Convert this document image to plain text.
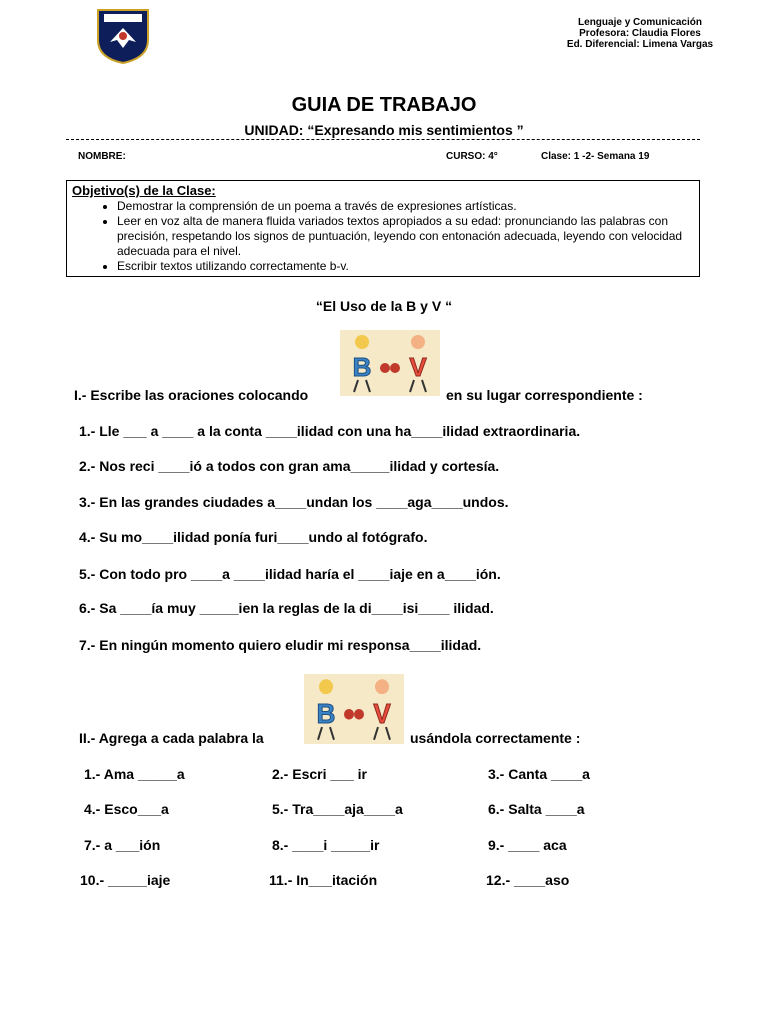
Lenguaje y Comunicación
Profesora: Claudia Flores
Ed. Diferencial: Limena Vargas
GUIA DE TRABAJO
UNIDAD: “Expresando mis sentimientos ”
NOMBRE:	CURSO: 4°	Clase: 1 -2- Semana 19
Objetivo(s) de la Clase:
• Demostrar la comprensión de un poema a través de expresiones artísticas.
• Leer en voz alta de manera fluida variados textos apropiados a su edad: pronunciando las palabras con precisión, respetando los signos de puntuación, leyendo con entonación adecuada, leyendo con velocidad adecuada para el nivel.
• Escribir textos utilizando correctamente b-v.
“El Uso de la B y V “
B V
I.- Escribe las oraciones colocando	en su lugar correspondiente :
1.- Lle ___ a ____ a la conta ____ilidad con una ha____ilidad extraordinaria.
2.- Nos reci ____ió a todos con gran ama_____ilidad y cortesía.
3.- En las grandes ciudades a____undan los ____aga____undos.
4.- Su mo____ilidad ponía furi____undo al fotógrafo.
5.- Con todo pro ____a ____ilidad haría el ____iaje en a____ión.
6.- Sa ____ía muy _____ien la reglas de la di____isi____ ilidad.
7.- En ningún momento quiero eludir mi responsa____ilidad.
B V
II.- Agrega a cada palabra la	usándola correctamente :
1.- Ama _____a	2.- Escri ___ ir	3.- Canta ____a
4.- Esco___a	5.- Tra____aja____a	6.- Salta ____a
7.- a ___ión	8.- ____i _____ir	9.- ____ aca
10.- _____iaje	11.- In___itación	12.- ____aso
